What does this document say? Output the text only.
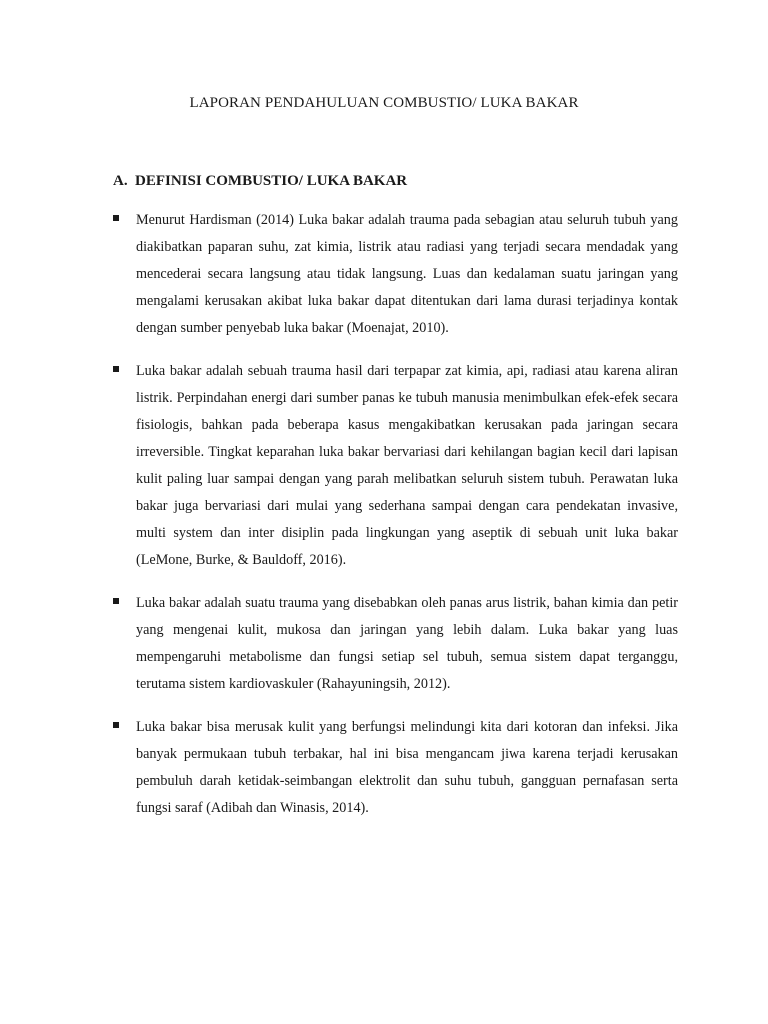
LAPORAN PENDAHULUAN COMBUSTIO/ LUKA BAKAR
A. DEFINISI COMBUSTIO/ LUKA BAKAR
Menurut Hardisman (2014) Luka bakar adalah trauma pada sebagian atau seluruh tubuh yang diakibatkan paparan suhu, zat kimia, listrik atau radiasi yang terjadi secara mendadak yang mencederai secara langsung atau tidak langsung. Luas dan kedalaman suatu jaringan yang mengalami kerusakan akibat luka bakar dapat ditentukan dari lama durasi terjadinya kontak dengan sumber penyebab luka bakar (Moenajat, 2010).
Luka bakar adalah sebuah trauma hasil dari terpapar zat kimia, api, radiasi atau karena aliran listrik. Perpindahan energi dari sumber panas ke tubuh manusia menimbulkan efek-efek secara fisiologis, bahkan pada beberapa kasus mengakibatkan kerusakan pada jaringan secara irreversible. Tingkat keparahan luka bakar bervariasi dari kehilangan bagian kecil dari lapisan kulit paling luar sampai dengan yang parah melibatkan seluruh sistem tubuh. Perawatan luka bakar juga bervariasi dari mulai yang sederhana sampai dengan cara pendekatan invasive, multi system dan inter disiplin pada lingkungan yang aseptik di sebuah unit luka bakar (LeMone, Burke, & Bauldoff, 2016).
Luka bakar adalah suatu trauma yang disebabkan oleh panas arus listrik, bahan kimia dan petir yang mengenai kulit, mukosa dan jaringan yang lebih dalam. Luka bakar yang luas mempengaruhi metabolisme dan fungsi setiap sel tubuh, semua sistem dapat terganggu, terutama sistem kardiovaskuler (Rahayuningsih, 2012).
Luka bakar bisa merusak kulit yang berfungsi melindungi kita dari kotoran dan infeksi. Jika banyak permukaan tubuh terbakar, hal ini bisa mengancam jiwa karena terjadi kerusakan pembuluh darah ketidak-seimbangan elektrolit dan suhu tubuh, gangguan pernafasan serta fungsi saraf (Adibah dan Winasis, 2014).
